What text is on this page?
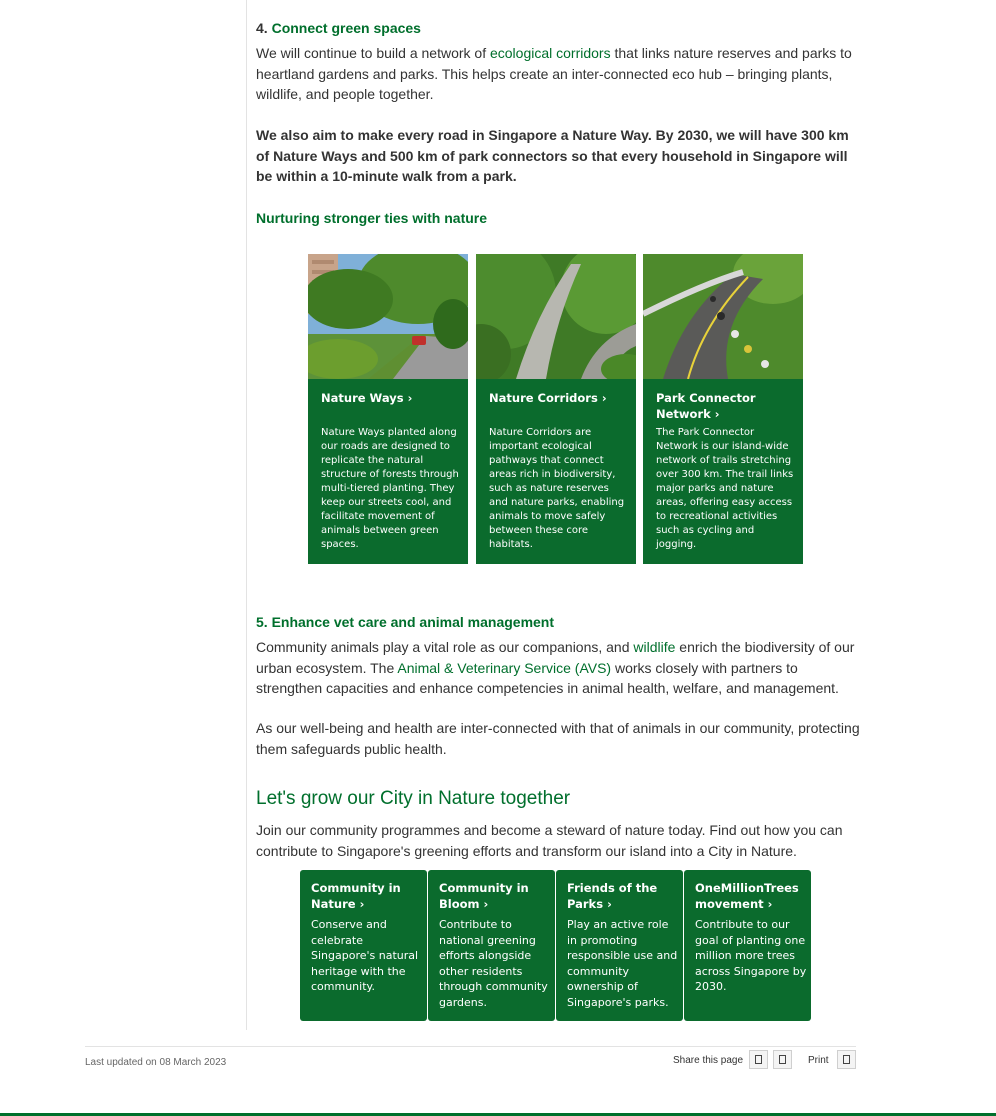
4. Connect green spaces

We will continue to build a network of ecological corridors that links nature reserves and parks to heartland gardens and parks. This helps create an inter-connected eco hub – bringing plants, wildlife, and people together.

We also aim to make every road in Singapore a Nature Way. By 2030, we will have 300 km of Nature Ways and 500 km of park connectors so that every household in Singapore will be within a 10-minute walk from a park.

Nurturing stronger ties with nature
5. Enhance vet care and animal management

Community animals play a vital role as our companions, and wildlife enrich the biodiversity of our urban ecosystem. The Animal & Veterinary Service (AVS) works closely with partners to strengthen capacities and enhance competencies in animal health, welfare, and management.

As our well-being and health are inter-connected with that of animals in our community, protecting them safeguards public health.

Let's grow our City in Nature together

Join our community programmes and become a steward of nature today. Find out how you can contribute to Singapore's greening efforts and transform our island into a City in Nature.

Nature Ways ›
Nature Ways planted along our roads are designed to replicate the natural structure of forests through multi-tiered planting. They keep our streets cool, and facilitate movement of animals between green spaces.
Nature Corridors ›
Nature Corridors are important ecological pathways that connect areas rich in biodiversity, such as nature reserves and nature parks, enabling animals to move safely between these core habitats.
Park Connector Network ›
The Park Connector Network is our island-wide network of trails stretching over 300 km. The trail links major parks and nature areas, offering easy access to recreational activities such as cycling and jogging.
Community in Nature ›
Conserve and celebrate Singapore's natural heritage with the community.
Community in Bloom ›
Contribute to national greening efforts alongside other residents through community gardens.
Friends of the Parks ›
Play an active role in promoting responsible use and community ownership of Singapore's parks.
OneMillionTrees movement ›
Contribute to our goal of planting one million more trees across Singapore by 2030.
Last updated on 08 March 2023	Share this page	Print
